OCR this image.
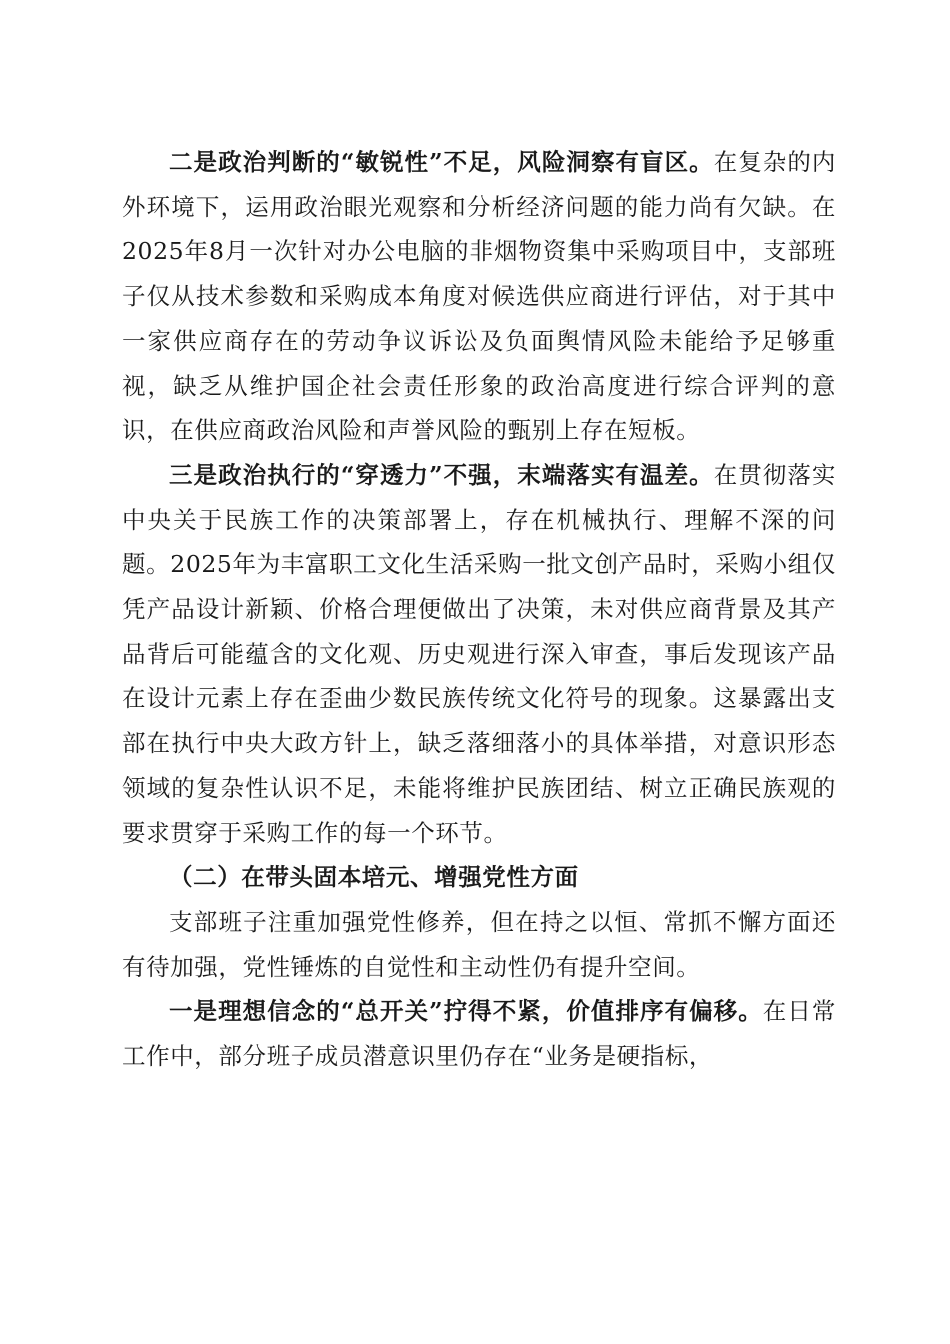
二是政治判断的“敏锐性”不足，风险洞察有盲区。在复杂的内外环境下，运用政治眼光观察和分析经济问题的能力尚有欠缺。在2025年8月一次针对办公电脑的非烟物资集中采购项目中，支部班子仅从技术参数和采购成本角度对候选供应商进行评估，对于其中一家供应商存在的劳动争议诉讼及负面舆情风险未能给予足够重视，缺乏从维护国企社会责任形象的政治高度进行综合评判的意识，在供应商政治风险和声誉风险的甄别上存在短板。

三是政治执行的“穿透力”不强，末端落实有温差。在贯彻落实中央关于民族工作的决策部署上，存在机械执行、理解不深的问题。2025年为丰富职工文化生活采购一批文创产品时，采购小组仅凭产品设计新颖、价格合理便做出了决策，未对供应商背景及其产品背后可能蕴含的文化观、历史观进行深入审查，事后发现该产品在设计元素上存在歪曲少数民族传统文化符号的现象。这暴露出支部在执行中央大政方针上，缺乏落细落小的具体举措，对意识形态领域的复杂性认识不足，未能将维护民族团结、树立正确民族观的要求贯穿于采购工作的每一个环节。

（二）在带头固本培元、增强党性方面

支部班子注重加强党性修养，但在持之以恒、常抓不懈方面还有待加强，党性锤炼的自觉性和主动性仍有提升空间。

一是理想信念的“总开关”拧得不紧，价值排序有偏移。在日常工作中，部分班子成员潜意识里仍存在“业务是硬指标，
